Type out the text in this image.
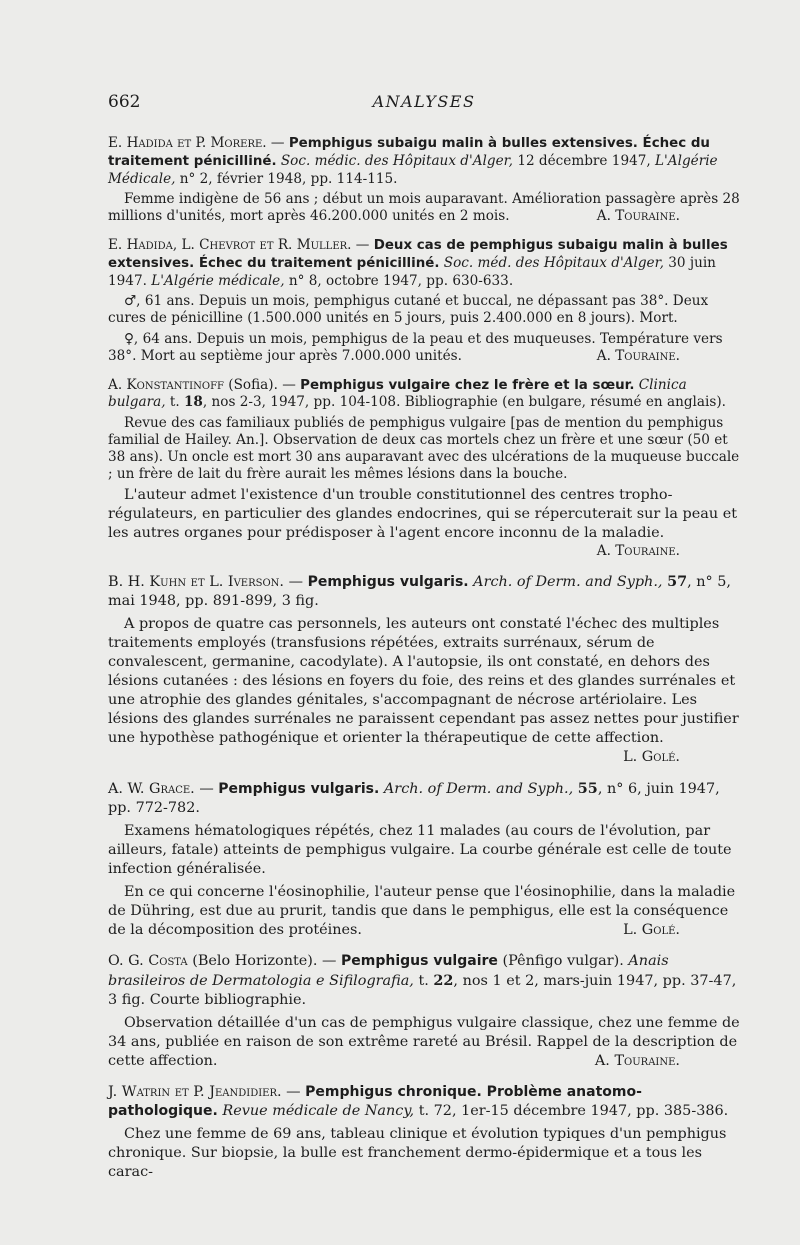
662	ANALYSES

E. Hadida et P. Morere. — Pemphigus subaigu malin à bulles extensives. Échec du traitement pénicilliné. Soc. médic. des Hôpitaux d'Alger, 12 décembre 1947, L'Algérie Médicale, n° 2, février 1948, pp. 114-115.

Femme indigène de 56 ans ; début un mois auparavant. Amélioration passagère après 28 millions d'unités, mort après 46.200.000 unités en 2 mois.	A. Touraine.

E. Hadida, L. Chevrot et R. Muller. — Deux cas de pemphigus subaigu malin à bulles extensives. Échec du traitement pénicilliné. Soc. méd. des Hôpitaux d'Alger, 30 juin 1947. L'Algérie médicale, n° 8, octobre 1947, pp. 630-633.

♂, 61 ans. Depuis un mois, pemphigus cutané et buccal, ne dépassant pas 38°. Deux cures de pénicilline (1.500.000 unités en 5 jours, puis 2.400.000 en 8 jours). Mort.

♀, 64 ans. Depuis un mois, pemphigus de la peau et des muqueuses. Température vers 38°. Mort au septième jour après 7.000.000 unités.	A. Touraine.

A. Konstantinoff (Sofia). — Pemphigus vulgaire chez le frère et la sœur. Clinica bulgara, t. 18, nos 2-3, 1947, pp. 104-108. Bibliographie (en bulgare, résumé en anglais).

Revue des cas familiaux publiés de pemphigus vulgaire [pas de mention du pemphigus familial de Hailey. An.]. Observation de deux cas mortels chez un frère et une sœur (50 et 38 ans). Un oncle est mort 30 ans auparavant avec des ulcérations de la muqueuse buccale ; un frère de lait du frère aurait les mêmes lésions dans la bouche.

L'auteur admet l'existence d'un trouble constitutionnel des centres tropho-régulateurs, en particulier des glandes endocrines, qui se répercuterait sur la peau et les autres organes pour prédisposer à l'agent encore inconnu de la maladie.

A. Touraine.

B. H. Kuhn et L. Iverson. — Pemphigus vulgaris. Arch. of Derm. and Syph., 57, n° 5, mai 1948, pp. 891-899, 3 fig.

A propos de quatre cas personnels, les auteurs ont constaté l'échec des multiples traitements employés (transfusions répétées, extraits surrénaux, sérum de convalescent, germanine, cacodylate). A l'autopsie, ils ont constaté, en dehors des lésions cutanées : des lésions en foyers du foie, des reins et des glandes surrénales et une atrophie des glandes génitales, s'accompagnant de nécrose artériolaire. Les lésions des glandes surrénales ne paraissent cependant pas assez nettes pour justifier une hypothèse pathogénique et orienter la thérapeutique de cette affection.

L. Golé.

A. W. Grace. — Pemphigus vulgaris. Arch. of Derm. and Syph., 55, n° 6, juin 1947, pp. 772-782.

Examens hématologiques répétés, chez 11 malades (au cours de l'évolution, par ailleurs, fatale) atteints de pemphigus vulgaire. La courbe générale est celle de toute infection généralisée.

En ce qui concerne l'éosinophilie, l'auteur pense que l'éosinophilie, dans la maladie de Dühring, est due au prurit, tandis que dans le pemphigus, elle est la conséquence de la décomposition des protéines.	L. Golé.

O. G. Costa (Belo Horizonte). — Pemphigus vulgaire (Pênfigo vulgar). Anais brasileiros de Dermatologia e Sifilografia, t. 22, nos 1 et 2, mars-juin 1947, pp. 37-47, 3 fig. Courte bibliographie.

Observation détaillée d'un cas de pemphigus vulgaire classique, chez une femme de 34 ans, publiée en raison de son extrême rareté au Brésil. Rappel de la description de cette affection.	A. Touraine.

J. Watrin et P. Jeandidier. — Pemphigus chronique. Problème anatomo-pathologique. Revue médicale de Nancy, t. 72, 1er-15 décembre 1947, pp. 385-386.

Chez une femme de 69 ans, tableau clinique et évolution typiques d'un pemphigus chronique. Sur biopsie, la bulle est franchement dermo-épidermique et a tous les carac-
